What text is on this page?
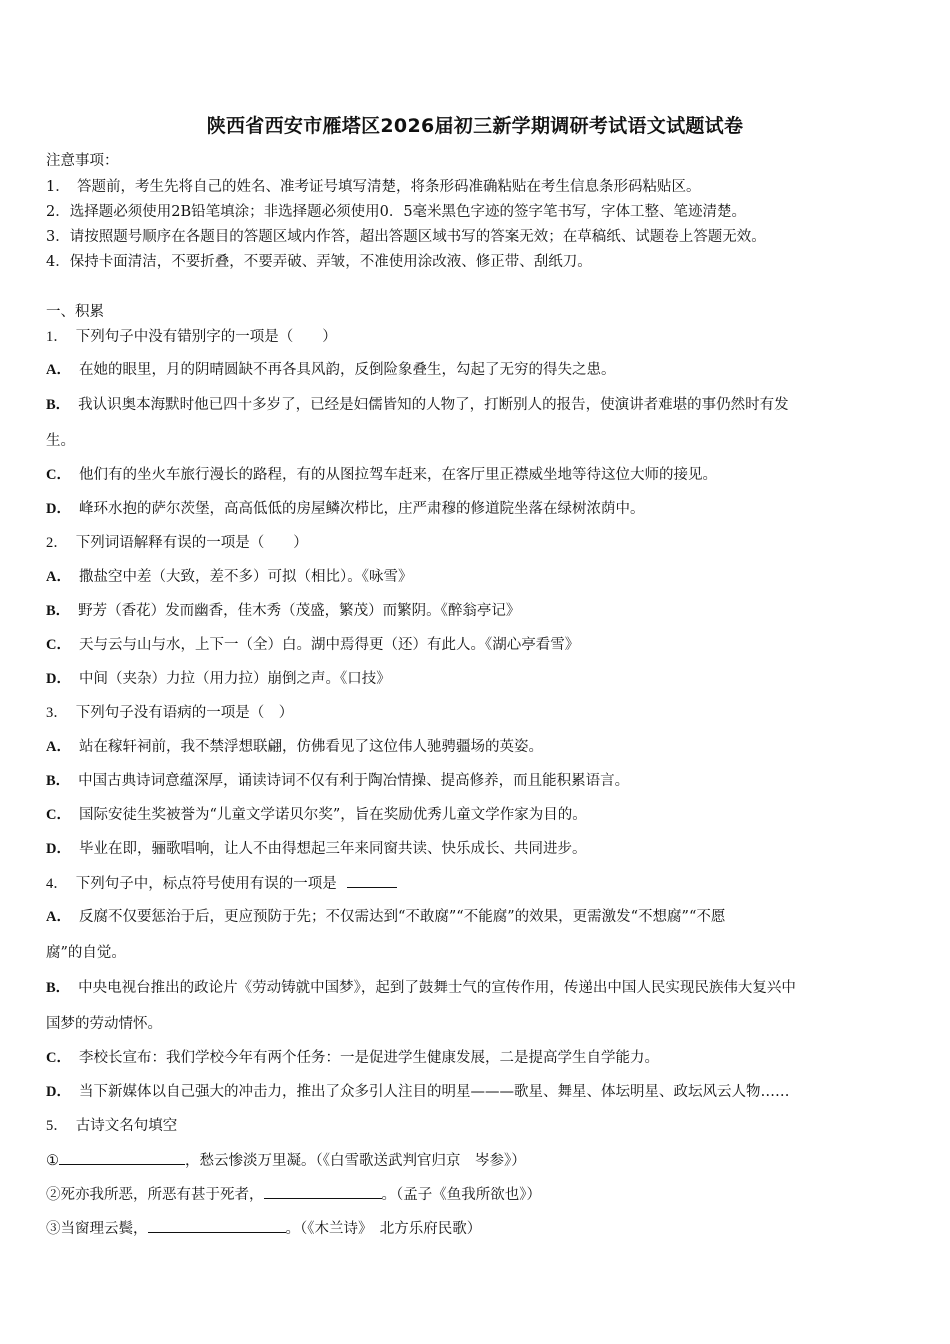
陕西省西安市雁塔区2026届初三新学期调研考试语文试题试卷

注意事项：

1．　答题前，考生先将自己的姓名、准考证号填写清楚，将条形码准确粘贴在考生信息条形码粘贴区。

2．选择题必须使用2B铅笔填涂；非选择题必须使用0．5毫米黑色字迹的签字笔书写，字体工整、笔迹清楚。

3．请按照题号顺序在各题目的答题区域内作答，超出答题区域书写的答案无效；在草稿纸、试题卷上答题无效。

4．保持卡面清洁，不要折叠，不要弄破、弄皱，不准使用涂改液、修正带、刮纸刀。

一、积累

1． 下列句子中没有错别字的一项是（　　）

A． 在她的眼里，月的阴晴圆缺不再各具风韵，反倒险象叠生，勾起了无穷的得失之患。

B． 我认识奥本海默时他已四十多岁了，已经是妇儒皆知的人物了，打断别人的报告，使演讲者难堪的事仍然时有发

生。

C． 他们有的坐火车旅行漫长的路程，有的从图拉驾车赶来，在客厅里正襟威坐地等待这位大师的接见。

D． 峰环水抱的萨尔茨堡，高高低低的房屋鳞次栉比，庄严肃穆的修道院坐落在绿树浓荫中。

2． 下列词语解释有误的一项是（　　）

A． 撒盐空中差（大致，差不多）可拟（相比）。《咏雪》

B． 野芳（香花）发而幽香，佳木秀（茂盛，繁茂）而繁阴。《醉翁亭记》

C． 天与云与山与水，上下一（全）白。湖中焉得更（还）有此人。《湖心亭看雪》

D． 中间（夹杂）力拉（用力拉）崩倒之声。《口技》

3． 下列句子没有语病的一项是（　）

A． 站在稼轩祠前，我不禁浮想联翩，仿佛看见了这位伟人驰骋疆场的英姿。

B． 中国古典诗词意蕴深厚，诵读诗词不仅有利于陶冶情操、提高修养，而且能积累语言。

C． 国际安徒生奖被誉为“儿童文学诺贝尔奖”，旨在奖励优秀儿童文学作家为目的。

D． 毕业在即，骊歌唱响，让人不由得想起三年来同窗共读、快乐成长、共同进步。

4． 下列句子中，标点符号使用有误的一项是

A． 反腐不仅要惩治于后，更应预防于先；不仅需达到“不敢腐”“不能腐”的效果，更需激发“不想腐”“不愿

腐”的自觉。

B． 中央电视台推出的政论片《劳动铸就中国梦》，起到了鼓舞士气的宣传作用，传递出中国人民实现民族伟大复兴中

国梦的劳动情怀。

C． 李校长宣布：我们学校今年有两个任务：一是促进学生健康发展，二是提高学生自学能力。

D． 当下新媒体以自己强大的冲击力，推出了众多引人注目的明星———歌星、舞星、体坛明星、政坛风云人物……

5． 古诗文名句填空

①	，愁云惨淡万里凝。（《白雪歌送武判官归京　岑参》）

②死亦我所恶，所恶有甚于死者，	。（孟子《鱼我所欲也》）

③当窗理云鬓，	。（《木兰诗》　北方乐府民歌）
